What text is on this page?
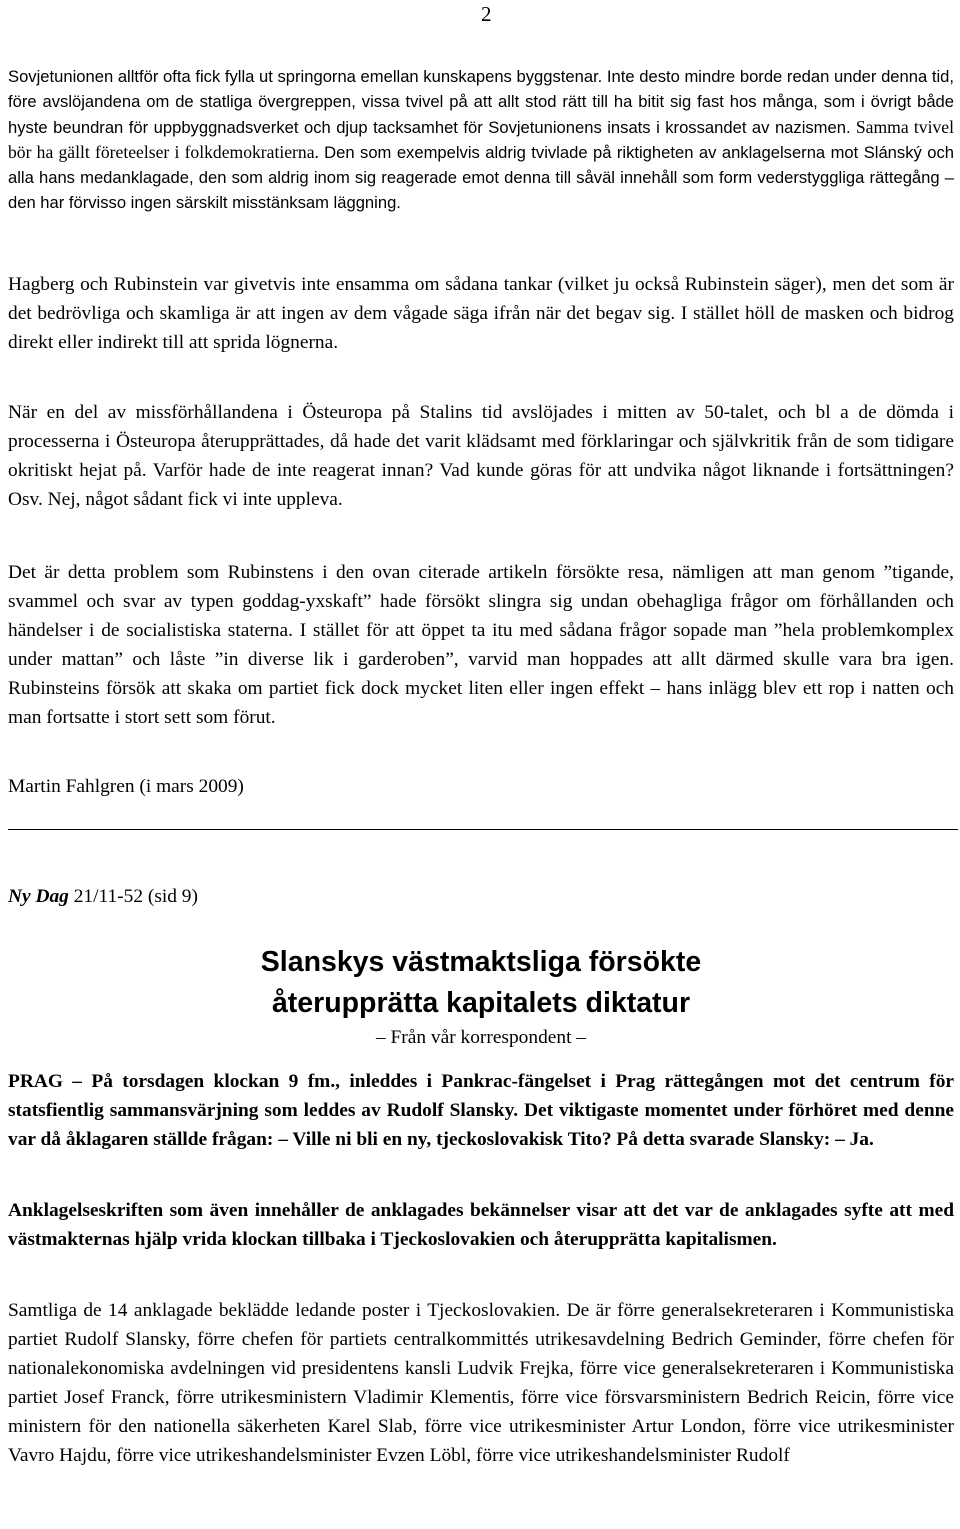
2
Sovjetunionen alltför ofta fick fylla ut springorna emellan kunskapens byggstenar. Inte desto mindre borde redan under denna tid, före avslöjandena om de statliga övergreppen, vissa tvivel på att allt stod rätt till ha bitit sig fast hos många, som i övrigt både hyste beundran för uppbyggnadsverket och djup tacksamhet för Sovjetunionens insats i krossandet av nazismen. Samma tvivel bör ha gällt företeelser i folkdemokratierna. Den som exempelvis aldrig tvivlade på riktigheten av anklagelserna mot Slánský och alla hans medanklagade, den som aldrig inom sig reagerade emot denna till såväl innehåll som form vederstyggliga rättegång – den har förvisso ingen särskilt misstänksam läggning.

Hagberg och Rubinstein var givetvis inte ensamma om sådana tankar (vilket ju också Rubinstein säger), men det som är det bedrövliga och skamliga är att ingen av dem vågade säga ifrån när det begav sig. I stället höll de masken och bidrog direkt eller indirekt till att sprida lögnerna.

När en del av missförhållandena i Östeuropa på Stalins tid avslöjades i mitten av 50-talet, och bl a de dömda i processerna i Östeuropa återupprättades, då hade det varit klädsamt med förklaringar och självkritik från de som tidigare okritiskt hejat på. Varför hade de inte reagerat innan? Vad kunde göras för att undvika något liknande i fortsättningen? Osv. Nej, något sådant fick vi inte uppleva.

Det är detta problem som Rubinstens i den ovan citerade artikeln försökte resa, nämligen att man genom ”tigande, svammel och svar av typen goddag-yxskaft” hade försökt slingra sig undan obehagliga frågor om förhållanden och händelser i de socialistiska staterna. I stället för att öppet ta itu med sådana frågor sopade man ”hela problemkomplex under mattan” och låste ”in diverse lik i garderoben”, varvid man hoppades att allt därmed skulle vara bra igen. Rubinsteins försök att skaka om partiet fick dock mycket liten eller ingen effekt – hans inlägg blev ett rop i natten och man fortsatte i stort sett som förut.

Martin Fahlgren (i mars 2009)

Ny Dag 21/11-52 (sid 9)
Slanskys västmaktsliga försökte
återupprätta kapitalets diktatur
– Från vår korrespondent –

PRAG – På torsdagen klockan 9 fm., inleddes i Pankrac-fängelset i Prag rättegången mot det centrum för statsfientlig sammansvärjning som leddes av Rudolf Slansky. Det viktigaste momentet under förhöret med denne var då åklagaren ställde frågan: – Ville ni bli en ny, tjeckoslovakisk Tito? På detta svarade Slansky: – Ja.

Anklagelseskriften som även innehåller de anklagades bekännelser visar att det var de anklagades syfte att med västmakternas hjälp vrida klockan tillbaka i Tjeckoslovakien och återupprätta kapitalismen.

Samtliga de 14 anklagade beklädde ledande poster i Tjeckoslovakien. De är förre generalsekreteraren i Kommunistiska partiet Rudolf Slansky, förre chefen för partiets centralkommittés utrikesavdelning Bedrich Geminder, förre chefen för nationalekonomiska avdelningen vid presidentens kansli Ludvik Frejka, förre vice generalsekreteraren i Kommunistiska partiet Josef Franck, förre utrikesministern Vladimir Klementis, förre vice försvarsministern Bedrich Reicin, förre vice ministern för den nationella säkerheten Karel Slab, förre vice utrikesminister Artur London, förre vice utrikesminister Vavro Hajdu, förre vice utrikeshandelsminister Evzen Löbl, förre vice utrikeshandelsminister Rudolf
